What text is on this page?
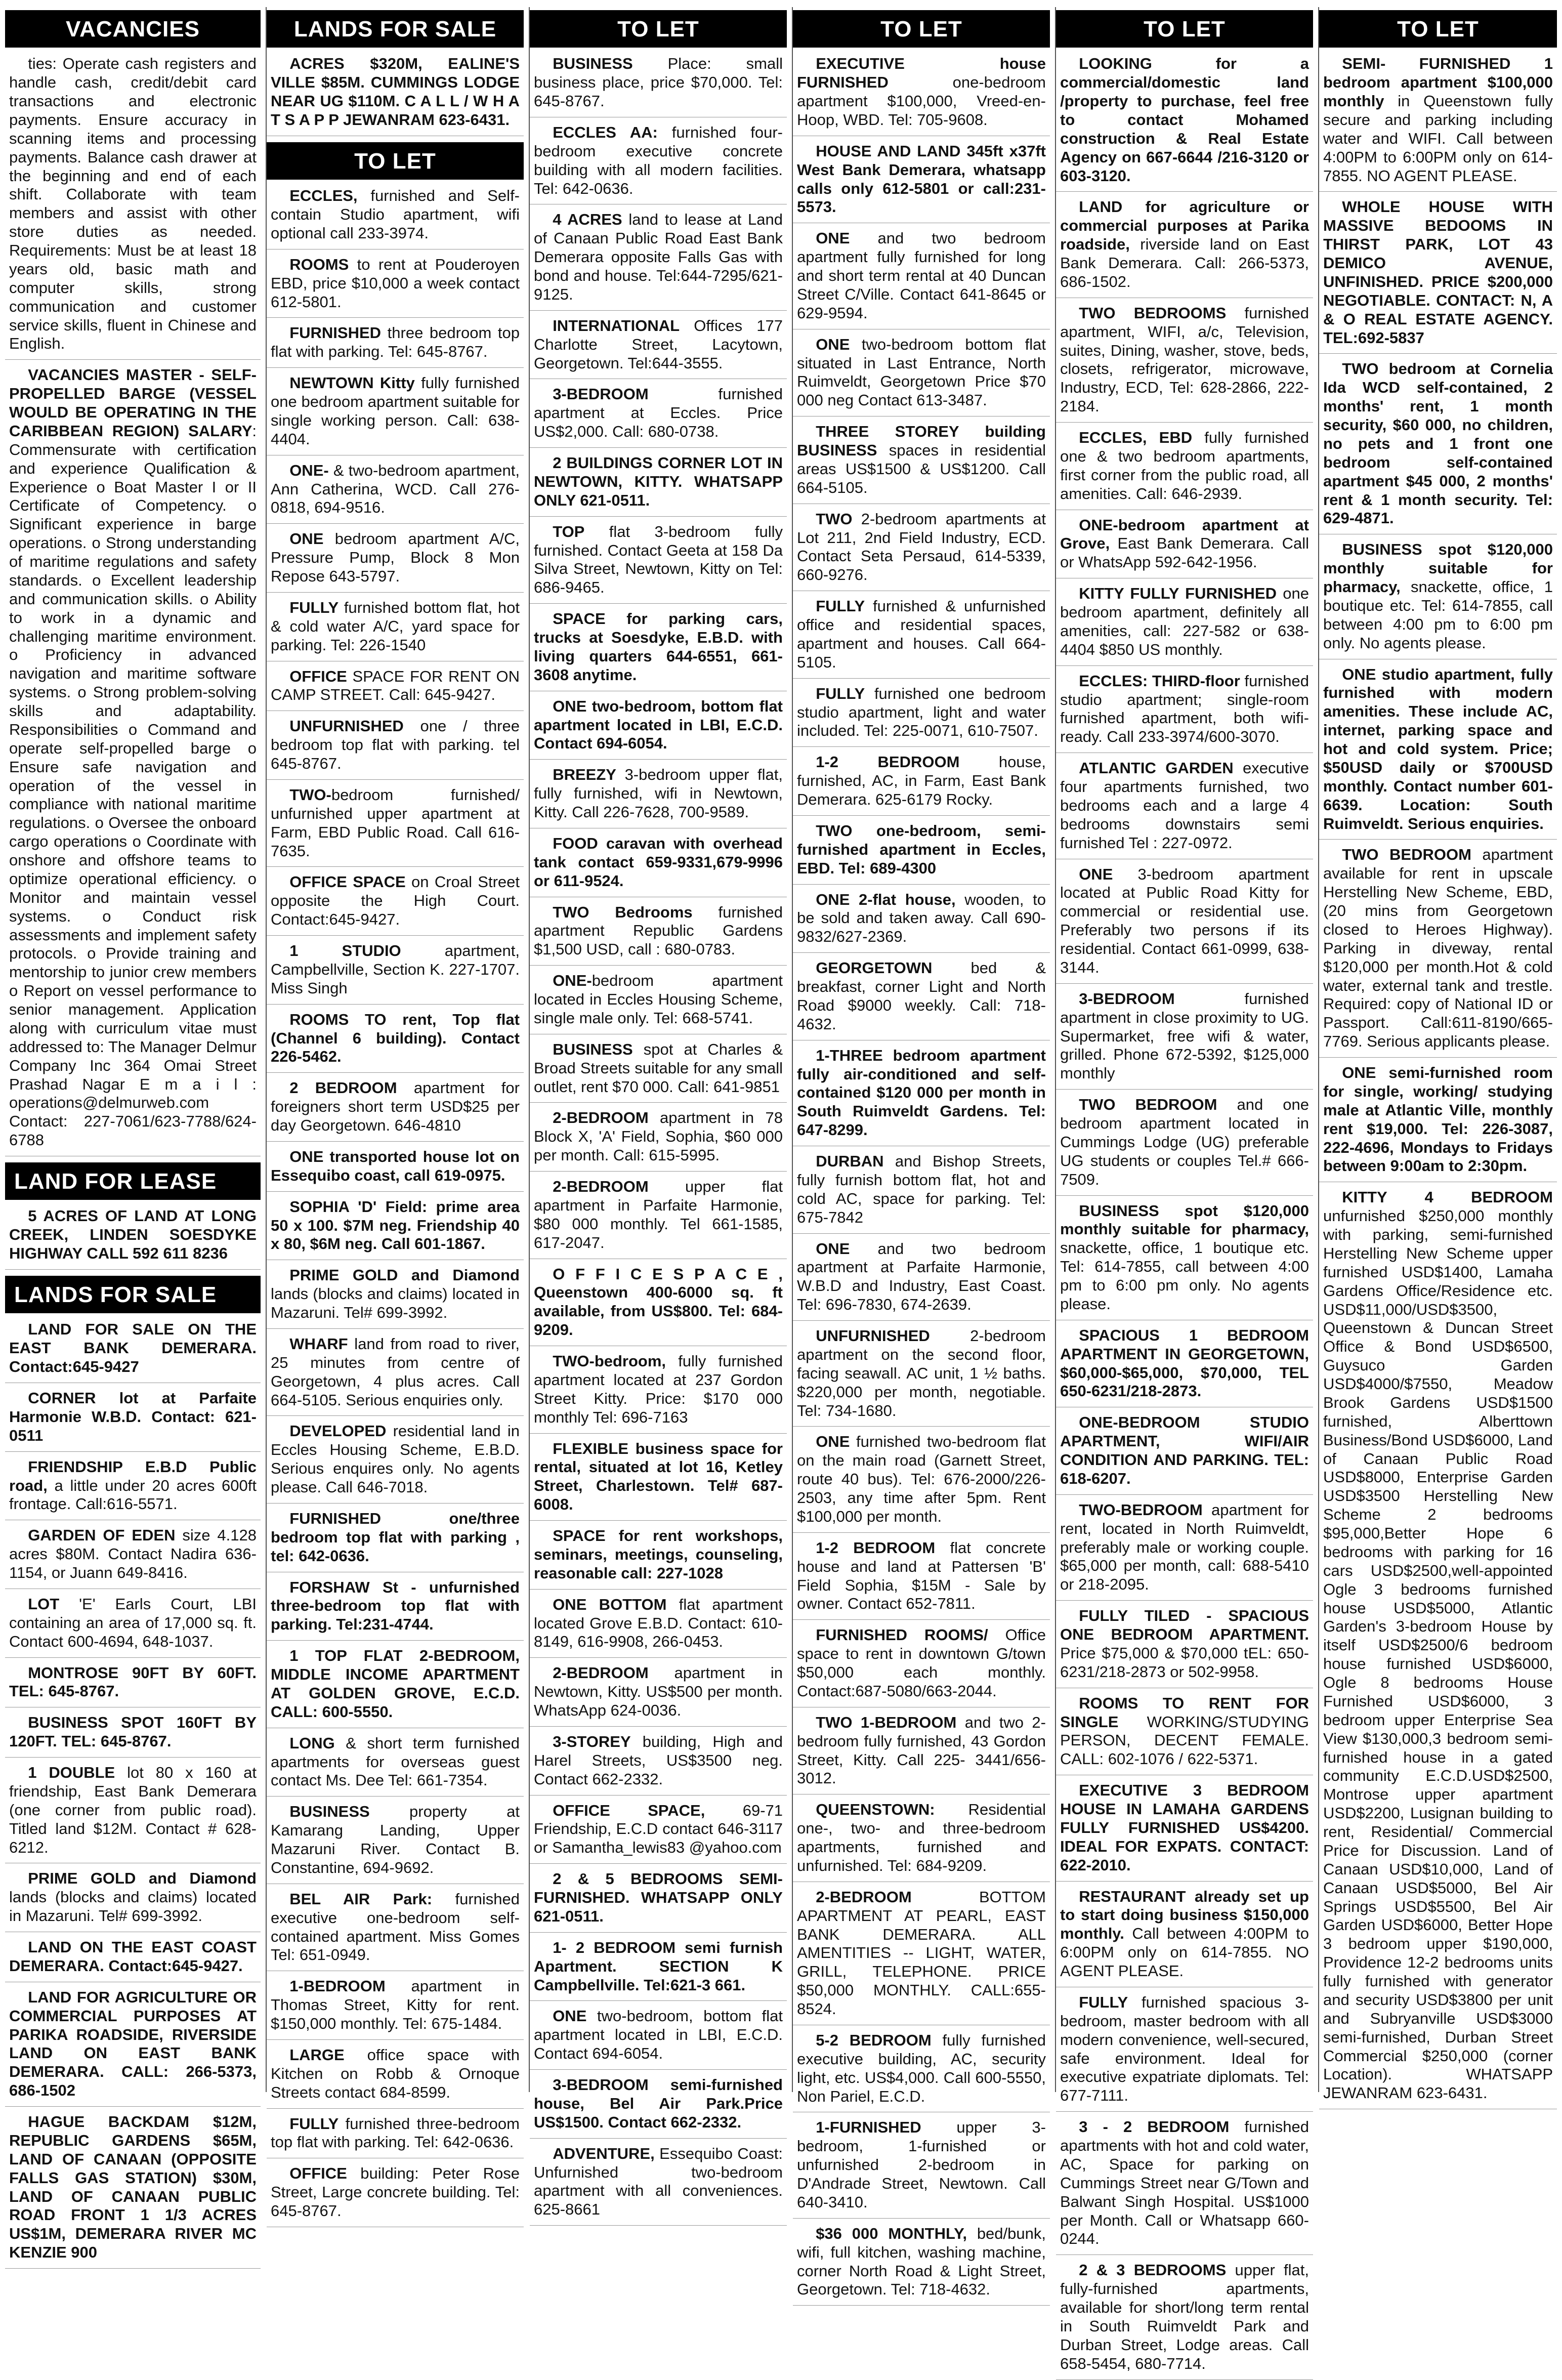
VACANCIES

ties: Operate cash registers and handle cash, credit/debit card transactions and electronic payments. Ensure accuracy in scanning items and processing payments. Balance cash drawer at the beginning and end of each shift. Collaborate with team members and assist with other store duties as needed. Requirements: Must be at least 18 years old, basic math and computer skills, strong communication and customer service skills, fluent in Chinese and English.

VACANCIES MASTER - SELF-PROPELLED BARGE (VESSEL WOULD BE OPERATING IN THE CARIBBEAN REGION) SALARY: Commensurate with certification and experience Qualification & Experience o Boat Master I or II Certificate of Competency. o Significant experience in barge operations. o Strong understanding of maritime regulations and safety standards. o Excellent leadership and communication skills. o Ability to work in a dynamic and challenging maritime environment. o Proficiency in advanced navigation and maritime software systems. o Strong problem-solving skills and adaptability. Responsibilities o Command and operate self-propelled barge o Ensure safe navigation and operation of the vessel in compliance with national maritime regulations. o Oversee the onboard cargo operations o Coordinate with onshore and offshore teams to optimize operational efficiency. o Monitor and maintain vessel systems. o Conduct risk assessments and implement safety protocols. o Provide training and mentorship to junior crew members o Report on vessel performance to senior management. Application along with curriculum vitae must addressed to: The Manager Delmur Company Inc 364 Omai Street Prashad Nagar E m a i l : operations@delmurweb.com Contact: 227-7061/623-7788/624-6788

LAND FOR LEASE

5 ACRES OF LAND AT LONG CREEK, LINDEN SOESDYKE HIGHWAY CALL 592 611 8236

LANDS FOR SALE

LAND FOR SALE ON THE EAST BANK DEMERARA. Contact:645-9427

CORNER lot at Parfaite Harmonie W.B.D. Contact: 621-0511

FRIENDSHIP E.B.D Public road, a little under 20 acres 600ft frontage. Call:616-5571.

GARDEN OF EDEN size 4.128 acres $80M. Contact Nadira 636-1154, or Juann 649-8416.

LOT 'E' Earls Court, LBI containing an area of 17,000 sq. ft. Contact 600-4694, 648-1037.

MONTROSE 90FT BY 60FT. TEL: 645-8767.

BUSINESS SPOT 160FT BY 120FT. TEL: 645-8767.

1 DOUBLE lot 80 x 160 at friendship, East Bank Demerara (one corner from public road). Titled land $12M. Contact # 628-6212.

PRIME GOLD and Diamond lands (blocks and claims) located in Mazaruni. Tel# 699-3992.

LAND ON THE EAST COAST DEMERARA. Contact:645-9427.

LAND FOR AGRICULTURE OR COMMERCIAL PURPOSES AT PARIKA ROADSIDE, RIVERSIDE LAND ON EAST BANK DEMERARA. CALL: 266-5373, 686-1502

HAGUE BACKDAM $12M, REPUBLIC GARDENS $65M, LAND OF CANAAN (OPPOSITE FALLS GAS STATION) $30M, LAND OF CANAAN PUBLIC ROAD FRONT 1 1/3 ACRES US$1M, DEMERARA RIVER MC KENZIE 900

LANDS FOR SALE

ACRES $320M, EALINE'S VILLE $85M. CUMMINGS LODGE NEAR UG $110M. C A L L / W H A T S A P P JEWANRAM 623-6431.

TO LET

ECCLES, furnished and Self-contain Studio apartment, wifi optional call 233-3974.

ROOMS to rent at Pouderoyen EBD, price $10,000 a week contact 612-5801.

FURNISHED three bedroom top flat with parking. Tel: 645-8767.

NEWTOWN Kitty fully furnished one bedroom apartment suitable for single working person. Call: 638-4404.

ONE- & two-bedroom apartment, Ann Catherina, WCD. Call 276-0818, 694-9516.

ONE bedroom apartment A/C, Pressure Pump, Block 8 Mon Repose 643-5797.

FULLY furnished bottom flat, hot & cold water A/C, yard space for parking. Tel: 226-1540

OFFICE SPACE FOR RENT ON CAMP STREET. Call: 645-9427.

UNFURNISHED one / three bedroom top flat with parking. tel 645-8767.

TWO-bedroom furnished/ unfurnished upper apartment at Farm, EBD Public Road. Call 616-7635.

OFFICE SPACE on Croal Street opposite the High Court. Contact:645-9427.

1 STUDIO apartment, Campbellville, Section K. 227-1707. Miss Singh

ROOMS TO rent, Top flat (Channel 6 building). Contact 226-5462.

2 BEDROOM apartment for foreigners short term USD$25 per day Georgetown. 646-4810

ONE transported house lot on Essequibo coast, call 619-0975.

SOPHIA 'D' Field: prime area 50 x 100. $7M neg. Friendship 40 x 80, $6M neg. Call 601-1867.

PRIME GOLD and Diamond lands (blocks and claims) located in Mazaruni. Tel# 699-3992.

WHARF land from road to river, 25 minutes from centre of Georgetown, 4 plus acres. Call 664-5105. Serious enquiries only.

DEVELOPED residential land in Eccles Housing Scheme, E.B.D. Serious enquires only. No agents please. Call 646-7018.

FURNISHED one/three bedroom top flat with parking , tel: 642-0636.

FORSHAW St - unfurnished three-bedroom top flat with parking. Tel:231-4744.

1 TOP FLAT 2-BEDROOM, MIDDLE INCOME APARTMENT AT GOLDEN GROVE, E.C.D. CALL: 600-5550.

LONG & short term furnished apartments for overseas guest contact Ms. Dee Tel: 661-7354.

BUSINESS property at Kamarang Landing, Upper Mazaruni River. Contact B. Constantine, 694-9692.

BEL AIR Park: furnished executive one-bedroom self-contained apartment. Miss Gomes Tel: 651-0949.

1-BEDROOM apartment in Thomas Street, Kitty for rent. $150,000 monthly. Tel: 675-1484.

LARGE office space with Kitchen on Robb & Ornoque Streets contact 684-8599.

FULLY furnished three-bedroom top flat with parking. Tel: 642-0636.

OFFICE building: Peter Rose Street, Large concrete building. Tel: 645-8767.

TO LET

BUSINESS Place: small business place, price $70,000. Tel: 645-8767.

ECCLES AA: furnished four-bedroom executive concrete building with all modern facilities. Tel: 642-0636.

4 ACRES land to lease at Land of Canaan Public Road East Bank Demerara opposite Falls Gas with bond and house. Tel:644-7295/621-9125.

INTERNATIONAL Offices 177 Charlotte Street, Lacytown, Georgetown. Tel:644-3555.

3-BEDROOM furnished apartment at Eccles. Price US$2,000. Call: 680-0738.

2 BUILDINGS CORNER LOT IN NEWTOWN, KITTY. WHATSAPP ONLY 621-0511.

TOP flat 3-bedroom fully furnished. Contact Geeta at 158 Da Silva Street, Newtown, Kitty on Tel: 686-9465.

SPACE for parking cars, trucks at Soesdyke, E.B.D. with living quarters 644-6551, 661-3608 anytime.

ONE two-bedroom, bottom flat apartment located in LBI, E.C.D. Contact 694-6054.

BREEZY 3-bedroom upper flat, fully furnished, wifi in Newtown, Kitty. Call 226-7628, 700-9589.

FOOD caravan with overhead tank contact 659-9331,679-9996 or 611-9524.

TWO Bedrooms furnished apartment Republic Gardens $1,500 USD, call : 680-0783.

ONE-bedroom apartment located in Eccles Housing Scheme, single male only. Tel: 668-5741.

BUSINESS spot at Charles & Broad Streets suitable for any small outlet, rent $70 000. Call: 641-9851

2-BEDROOM apartment in 78 Block X, 'A' Field, Sophia, $60 000 per month. Call: 615-5995.

2-BEDROOM upper flat apartment in Parfaite Harmonie, $80 000 monthly. Tel 661-1585, 617-2047.

O F F I C E S P A C E , Queenstown 400-6000 sq. ft available, from US$800. Tel: 684-9209.

TWO-bedroom, fully furnished apartment located at 237 Gordon Street Kitty. Price: $170 000 monthly Tel: 696-7163

FLEXIBLE business space for rental, situated at lot 16, Ketley Street, Charlestown. Tel# 687-6008.

SPACE for rent workshops, seminars, meetings, counseling, reasonable call: 227-1028

ONE BOTTOM flat apartment located Grove E.B.D. Contact: 610-8149, 616-9908, 266-0453.

2-BEDROOM apartment in Newtown, Kitty. US$500 per month. WhatsApp 624-0036.

3-STOREY building, High and Harel Streets, US$3500 neg. Contact 662-2332.

OFFICE SPACE, 69-71 Friendship, E.C.D contact 646-3117 or Samantha_lewis83 @yahoo.com

2 & 5 BEDROOMS SEMI-FURNISHED. WHATSAPP ONLY 621-0511.

1- 2 BEDROOM semi furnish Apartment. SECTION K Campbellville. Tel:621-3 661.

ONE two-bedroom, bottom flat apartment located in LBI, E.C.D. Contact 694-6054.

3-BEDROOM semi-furnished house, Bel Air Park.Price US$1500. Contact 662-2332.

ADVENTURE, Essequibo Coast: Unfurnished two-bedroom apartment with all conveniences. 625-8661

TO LET

EXECUTIVE house FURNISHED one-bedroom apartment $100,000, Vreed-en-Hoop, WBD. Tel: 705-9608.

HOUSE AND LAND 345ft x37ft West Bank Demerara, whatsapp calls only 612-5801 or call:231-5573.

ONE and two bedroom apartment fully furnished for long and short term rental at 40 Duncan Street C/Ville. Contact 641-8645 or 629-9594.

ONE two-bedroom bottom flat situated in Last Entrance, North Ruimveldt, Georgetown Price $70 000 neg Contact 613-3487.

THREE STOREY building BUSINESS spaces in residential areas US$1500 & US$1200. Call 664-5105.

TWO 2-bedroom apartments at Lot 211, 2nd Field Industry, ECD. Contact Seta Persaud, 614-5339, 660-9276.

FULLY furnished & unfurnished office and residential spaces, apartment and houses. Call 664-5105.

FULLY furnished one bedroom studio apartment, light and water included. Tel: 225-0071, 610-7507.

1-2 BEDROOM house, furnished, AC, in Farm, East Bank Demerara. 625-6179 Rocky.

TWO one-bedroom, semi-furnished apartment in Eccles, EBD. Tel: 689-4300

ONE 2-flat house, wooden, to be sold and taken away. Call 690-9832/627-2369.

GEORGETOWN bed & breakfast, corner Light and North Road $9000 weekly. Call: 718-4632.

1-THREE bedroom apartment fully air-conditioned and self-contained $120 000 per month in South Ruimveldt Gardens. Tel: 647-8299.

DURBAN and Bishop Streets, fully furnish bottom flat, hot and cold AC, space for parking. Tel: 675-7842

ONE and two bedroom apartment at Parfaite Harmonie, W.B.D and Industry, East Coast. Tel: 696-7830, 674-2639.

UNFURNISHED 2-bedroom apartment on the second floor, facing seawall. AC unit, 1 ½ baths. $220,000 per month, negotiable. Tel: 734-1680.

ONE furnished two-bedroom flat on the main road (Garnett Street, route 40 bus). Tel: 676-2000/226-2503, any time after 5pm. Rent $100,000 per month.

1-2 BEDROOM flat concrete house and land at Pattersen 'B' Field Sophia, $15M - Sale by owner. Contact 652-7811.

FURNISHED ROOMS/ Office space to rent in downtown G/town $50,000 each monthly. Contact:687-5080/663-2044.

TWO 1-BEDROOM and two 2-bedroom fully furnished, 43 Gordon Street, Kitty. Call 225- 3441/656-3012.

QUEENSTOWN: Residential one-, two- and three-bedroom apartments, furnished and unfurnished. Tel: 684-9209.

2-BEDROOM BOTTOM APARTMENT AT PEARL, EAST BANK DEMERARA. ALL AMENTITIES -- LIGHT, WATER, GRILL, TELEPHONE. PRICE $50,000 MONTHLY. CALL:655-8524.

5-2 BEDROOM fully furnished executive building, AC, security light, etc. US$4,000. Call 600-5550, Non Pariel, E.C.D.

1-FURNISHED upper 3-bedroom, 1-furnished or unfurnished 2-bedroom in D'Andrade Street, Newtown. Call 640-3410.

$36 000 MONTHLY, bed/bunk, wifi, full kitchen, washing machine, corner North Road & Light Street, Georgetown. Tel: 718-4632.

TO LET

LOOKING for a commercial/domestic land /property to purchase, feel free to contact Mohamed construction & Real Estate Agency on 667-6644 /216-3120 or 603-3120.

LAND for agriculture or commercial purposes at Parika roadside, riverside land on East Bank Demerara. Call: 266-5373, 686-1502.

TWO BEDROOMS furnished apartment, WIFI, a/c, Television, suites, Dining, washer, stove, beds, closets, refrigerator, microwave, Industry, ECD, Tel: 628-2866, 222-2184.

ECCLES, EBD fully furnished one & two bedroom apartments, first corner from the public road, all amenities. Call: 646-2939.

ONE-bedroom apartment at Grove, East Bank Demerara. Call or WhatsApp 592-642-1956.

KITTY FULLY FURNISHED one bedroom apartment, definitely all amenities, call: 227-582 or 638-4404 $850 US monthly.

ECCLES: THIRD-floor furnished studio apartment; single-room furnished apartment, both wifi-ready. Call 233-3974/600-3070.

ATLANTIC GARDEN executive four apartments furnished, two bedrooms each and a large 4 bedrooms downstairs semi furnished Tel : 227-0972.

ONE 3-bedroom apartment located at Public Road Kitty for commercial or residential use. Preferably two persons if its residential. Contact 661-0999, 638-3144.

3-BEDROOM furnished apartment in close proximity to UG. Supermarket, free wifi & water, grilled. Phone 672-5392, $125,000 monthly

TWO BEDROOM and one bedroom apartment located in Cummings Lodge (UG) preferable UG students or couples Tel.# 666-7509.

BUSINESS spot $120,000 monthly suitable for pharmacy, snackette, office, 1 boutique etc. Tel: 614-7855, call between 4:00 pm to 6:00 pm only. No agents please.

SPACIOUS 1 BEDROOM APARTMENT IN GEORGETOWN, $60,000-$65,000, $70,000, TEL 650-6231/218-2873.

ONE-BEDROOM STUDIO APARTMENT, WIFI/AIR CONDITION AND PARKING. TEL: 618-6207.

TWO-BEDROOM apartment for rent, located in North Ruimveldt, preferably male or working couple. $65,000 per month, call: 688-5410 or 218-2095.

FULLY TILED - SPACIOUS ONE BEDROOM APARTMENT. Price $75,000 & $70,000 tEL: 650-6231/218-2873 or 502-9958.

ROOMS TO RENT FOR SINGLE WORKING/STUDYING PERSON, DECENT FEMALE. CALL: 602-1076 / 622-5371.

EXECUTIVE 3 BEDROOM HOUSE IN LAMAHA GARDENS FULLY FURNISHED US$4200. IDEAL FOR EXPATS. CONTACT: 622-2010.

RESTAURANT already set up to start doing business $150,000 monthly. Call between 4:00PM to 6:00PM only on 614-7855. NO AGENT PLEASE.

FULLY furnished spacious 3-bedroom, master bedroom with all modern convenience, well-secured, safe environment. Ideal for executive expatriate diplomats. Tel: 677-7111.

3 - 2 BEDROOM furnished apartments with hot and cold water, AC, Space for parking on Cummings Street near G/Town and Balwant Singh Hospital. US$1000 per Month. Call or Whatsapp 660-0244.

2 & 3 BEDROOMS upper flat, fully-furnished apartments, available for short/long term rental in South Ruimveldt Park and Durban Street, Lodge areas. Call 658-5454, 680-7714.

TO LET

SEMI- FURNISHED 1 bedroom apartment $100,000 monthly in Queenstown fully secure and parking including water and WIFI. Call between 4:00PM to 6:00PM only on 614-7855. NO AGENT PLEASE.

WHOLE HOUSE WITH MASSIVE BEDOOMS IN THIRST PARK, LOT 43 DEMICO AVENUE, UNFINISHED. PRICE $200,000 NEGOTIABLE. CONTACT: N, A & O REAL ESTATE AGENCY. TEL:692-5837

TWO bedroom at Cornelia Ida WCD self-contained, 2 months' rent, 1 month security, $60 000, no children, no pets and 1 front one bedroom self-contained apartment $45 000, 2 months' rent & 1 month security. Tel: 629-4871.

BUSINESS spot $120,000 monthly suitable for pharmacy, snackette, office, 1 boutique etc. Tel: 614-7855, call between 4:00 pm to 6:00 pm only. No agents please.

ONE studio apartment, fully furnished with modern amenities. These include AC, internet, parking space and hot and cold system. Price; $50USD daily or $700USD monthly. Contact number 601-6639. Location: South Ruimveldt. Serious enquiries.

TWO BEDROOM apartment available for rent in upscale Herstelling New Scheme, EBD, (20 mins from Georgetown closed to Heroes Highway). Parking in diveway, rental $120,000 per month.Hot & cold water, external tank and trestle. Required: copy of National ID or Passport. Call:611-8190/665-7769. Serious applicants please.

ONE semi-furnished room for single, working/ studying male at Atlantic Ville, monthly rent $19,000. Tel: 226-3087, 222-4696, Mondays to Fridays between 9:00am to 2:30pm.

KITTY 4 BEDROOM unfurnished $250,000 monthly with parking, semi-furnished Herstelling New Scheme upper furnished USD$1400, Lamaha Gardens Office/Residence etc. USD$11,000/USD$3500, Queenstown & Duncan Street Office & Bond USD$6500, Guysuco Garden USD$4000/$7550, Meadow Brook Gardens USD$1500 furnished, Alberttown Business/Bond USD$6000, Land of Canaan Public Road USD$8000, Enterprise Garden USD$3500 Herstelling New Scheme 2 bedrooms $95,000,Better Hope 6 bedrooms with parking for 16 cars USD$2500,well-appointed Ogle 3 bedrooms furnished house USD$5000, Atlantic Garden's 3-bedroom House by itself USD$2500/6 bedroom house furnished USD$6000, Ogle 8 bedrooms House Furnished USD$6000, 3 bedroom upper Enterprise Sea View $130,000,3 bedroom semi-furnished house in a gated community E.C.D.USD$2500, Montrose upper apartment USD$2200, Lusignan building to rent, Residential/ Commercial Price for Discussion. Land of Canaan USD$10,000, Land of Canaan USD$5000, Bel Air Springs USD$5500, Bel Air Garden USD$6000, Better Hope 3 bedroom upper $190,000, Providence 12-2 bedrooms units fully furnished with generator and security USD$3800 per unit and Subryanville USD$3000 semi-furnished, Durban Street Commercial $250,000 (corner Location). WHATSAPP JEWANRAM 623-6431.
